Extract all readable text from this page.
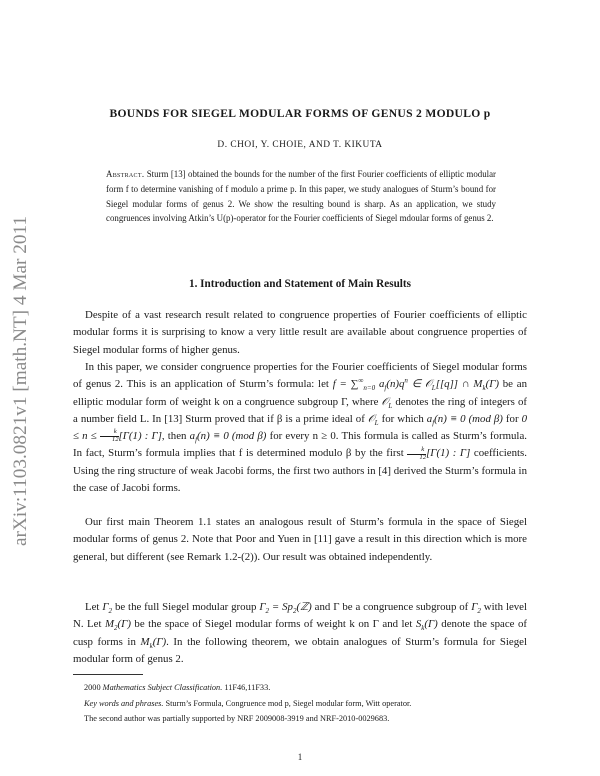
arXiv:1103.0821v1 [math.NT] 4 Mar 2011
BOUNDS FOR SIEGEL MODULAR FORMS OF GENUS 2 MODULO p
D. CHOI, Y. CHOIE, AND T. KIKUTA

Abstract. Sturm [13] obtained the bounds for the number of the first Fourier coefficients of elliptic modular form f to determine vanishing of f modulo a prime p. In this paper, we study analogues of Sturm’s bound for Siegel modular forms of genus 2. We show the resulting bound is sharp. As an application, we study congruences involving Atkin’s U(p)-operator for the Fourier coefficients of Siegel mdoular forms of genus 2.

1. Introduction and Statement of Main Results

Despite of a vast research result related to congruence properties of Fourier coefficients of elliptic modular forms it is surprising to know a very little result are available about congruence properties of Siegel modular forms of higher genus.

In this paper, we consider congruence properties for the Fourier coefficients of Siegel modular forms of genus 2. This is an application of Sturm’s formula: let $f = \sum^\infty_{n=0}$ $a_f(n)q^n$ ∈ 𝒪$_L$[[q]] ∩ $M_k(\Gamma)$ be an elliptic modular form of weight k on a congruence subgroup Γ, where 𝒪$_L$ denotes the ring of integers of a number field L. In [13] Sturm proved that if β is a prime ideal of 𝒪$_L$ for which $a_f(n) \equiv 0$ (mod β) for $0 \le n \le \frac{k}{12} [\Gamma(1)$ : Γ], then $a_f(n) \equiv 0$ (mod β) for every n ≥ 0. This formula is called as Sturm’s formula. In fact, Sturm’s formula implies that f is determined modulo β by the first $\frac{k}{12} [\Gamma(1)$ : Γ] coefficients. Using the ring structure of weak Jacobi forms, the first two authors in [4] derived the Sturm’s formula in the case of Jacobi forms.

Our first main Theorem 1.1 states an analogous result of Sturm’s formula in the space of Siegel modular forms of genus 2. Note that Poor and Yuen in [11] gave a result in this direction which is more general, but different (see Remark 1.2-(2)). Our result was obtained independently.

Let $\Gamma_2$ be the full Siegel modular group $\Gamma_2$ = $Sp_2(ℤ)$ and Γ be a congruence subgroup of $\Gamma_2$ with level N. Let $M_2(\Gamma)$ be the space of Siegel modular forms of weight k on Γ and let $S_k(\Gamma)$ denote the space of cusp forms in $M_k(\Gamma)$. In the following theorem, we obtain analogues of Sturm’s formula for Siegel modular form of genus 2.

2000 Mathematics Subject Classification. 11F46,11F33.
Key words and phrases. Sturm’s Formula, Congruence mod p, Siegel modular form, Witt operator.
The second author was partially supported by NRF 2009008-3919 and NRF-2010-0029683.
1
